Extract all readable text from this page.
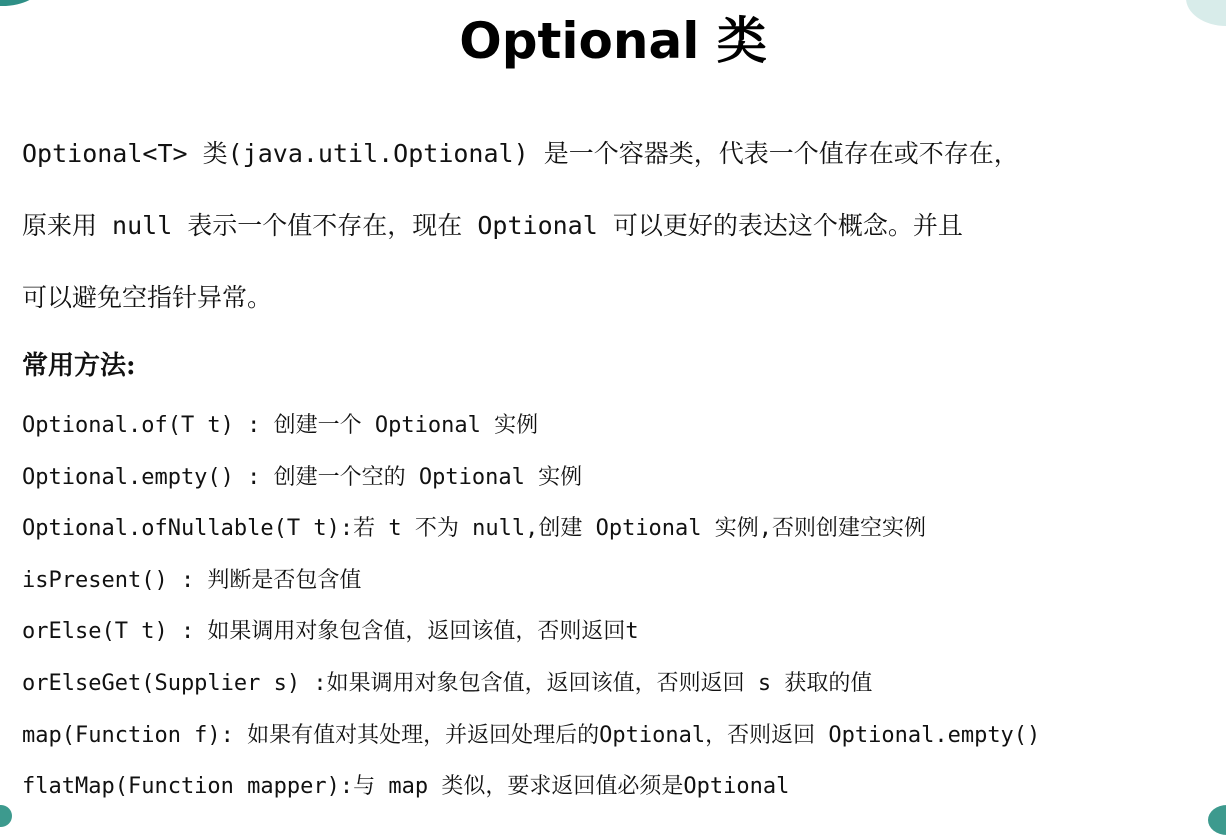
Optional 类
Optional<T> 类(java.util.Optional) 是一个容器类，代表一个值存在或不存在，
原来用 null 表示一个值不存在，现在 Optional 可以更好的表达这个概念。并且
可以避免空指针异常。
常用方法:
Optional.of(T t) : 创建一个 Optional 实例
Optional.empty() : 创建一个空的 Optional 实例
Optional.ofNullable(T t):若 t 不为 null,创建 Optional 实例,否则创建空实例
isPresent() : 判断是否包含值
orElse(T t) : 如果调用对象包含值，返回该值，否则返回t
orElseGet(Supplier s) :如果调用对象包含值，返回该值，否则返回 s 获取的值
map(Function f): 如果有值对其处理，并返回处理后的Optional，否则返回 Optional.empty()
flatMap(Function mapper):与 map 类似，要求返回值必须是Optional
